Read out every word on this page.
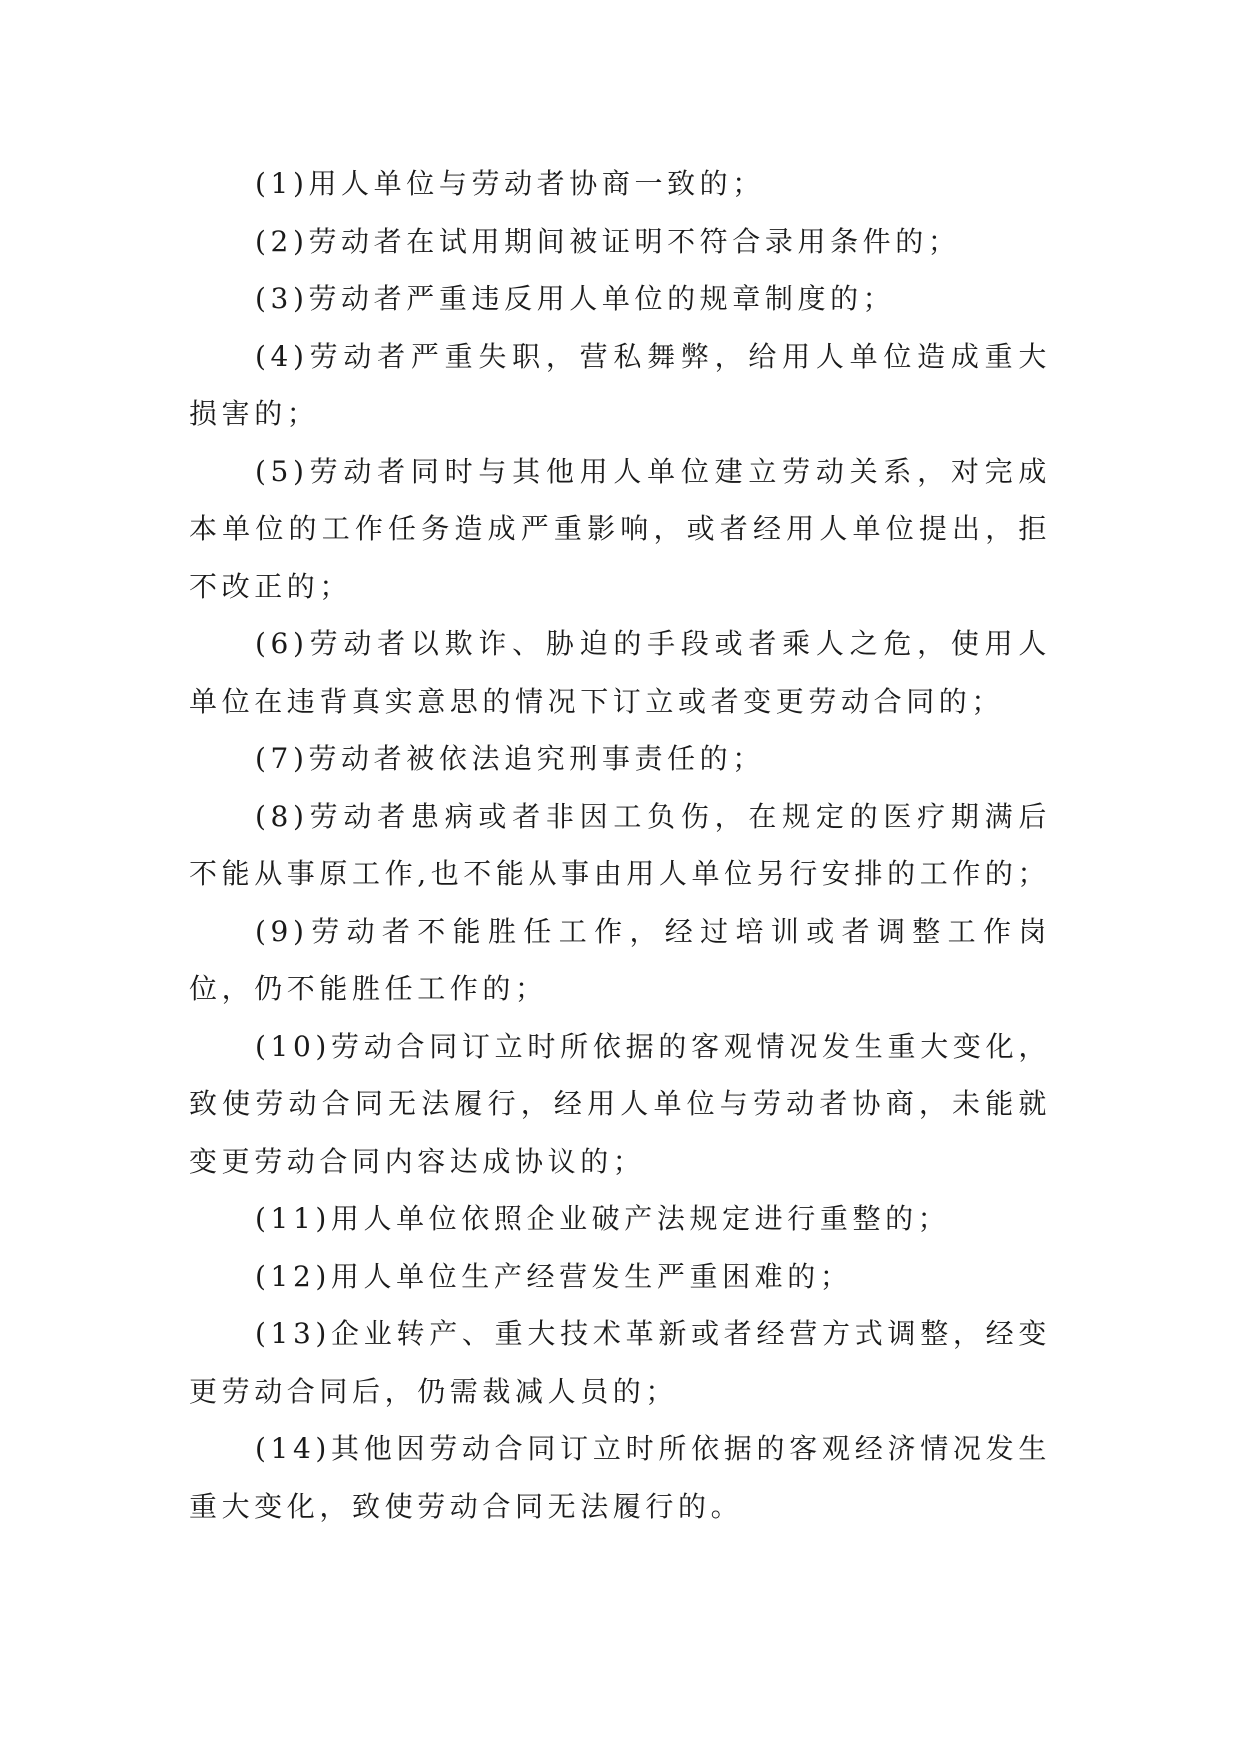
(1)用人单位与劳动者协商一致的；

(2)劳动者在试用期间被证明不符合录用条件的；

(3)劳动者严重违反用人单位的规章制度的；

(4)劳动者严重失职，营私舞弊，给用人单位造成重大损害的；

(5)劳动者同时与其他用人单位建立劳动关系，对完成本单位的工作任务造成严重影响，或者经用人单位提出，拒不改正的；

(6)劳动者以欺诈、胁迫的手段或者乘人之危，使用人单位在违背真实意思的情况下订立或者变更劳动合同的；

(7)劳动者被依法追究刑事责任的；

(8)劳动者患病或者非因工负伤，在规定的医疗期满后不能从事原工作,也不能从事由用人单位另行安排的工作的；

(9)劳动者不能胜任工作，经过培训或者调整工作岗位，仍不能胜任工作的；

(10)劳动合同订立时所依据的客观情况发生重大变化，致使劳动合同无法履行，经用人单位与劳动者协商，未能就变更劳动合同内容达成协议的；

(11)用人单位依照企业破产法规定进行重整的；

(12)用人单位生产经营发生严重困难的；

(13)企业转产、重大技术革新或者经营方式调整，经变更劳动合同后，仍需裁减人员的；

(14)其他因劳动合同订立时所依据的客观经济情况发生重大变化，致使劳动合同无法履行的。
